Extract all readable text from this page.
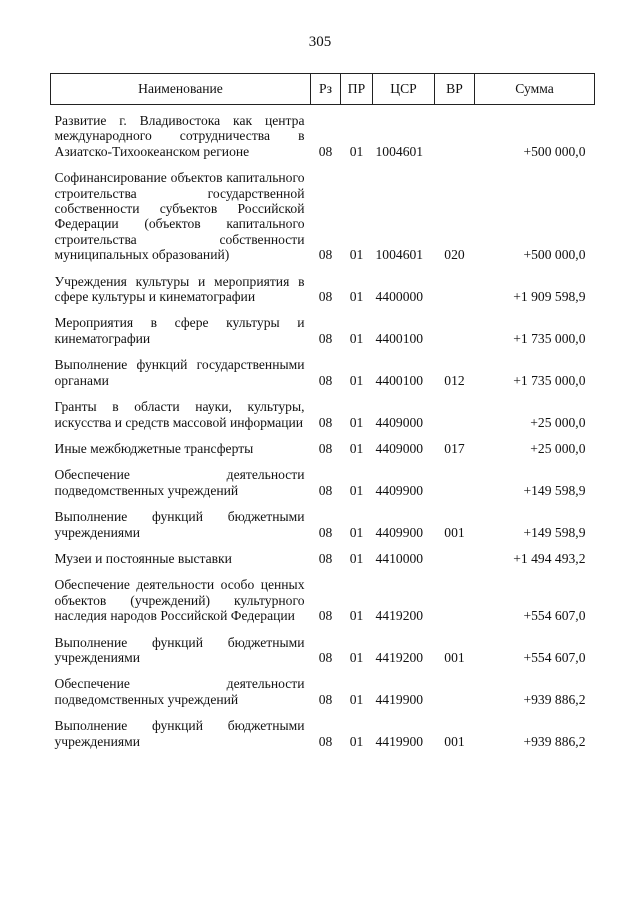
305
Наименование	Рз	ПР	ЦСР	ВР	Сумма
Развитие г. Владивостока как центра международного сотрудничества в Азиатско-Тихоокеанском регионе	08	01	1004601		+500 000,0

Софинансирование объектов капитального строительства государственной собственности субъектов Российской Федерации (объектов капитального строительства собственности муниципальных образований)	08	01	1004601	020	+500 000,0

Учреждения культуры и мероприятия в сфере культуры и кинематографии	08	01	4400000		+1 909 598,9

Мероприятия в сфере культуры и кинематографии	08	01	4400100		+1 735 000,0

Выполнение функций государственными органами	08	01	4400100	012	+1 735 000,0

Гранты в области науки, культуры, искусства и средств массовой информации	08	01	4409000		+25 000,0

Иные межбюджетные трансферты	08	01	4409000	017	+25 000,0

Обеспечение деятельности подведомственных учреждений	08	01	4409900		+149 598,9

Выполнение функций бюджетными учреждениями	08	01	4409900	001	+149 598,9

Музеи и постоянные выставки	08	01	4410000		+1 494 493,2

Обеспечение деятельности особо ценных объектов (учреждений) культурного наследия народов Российской Федерации	08	01	4419200		+554 607,0

Выполнение функций бюджетными учреждениями	08	01	4419200	001	+554 607,0

Обеспечение деятельности подведомственных учреждений	08	01	4419900		+939 886,2

Выполнение функций бюджетными учреждениями	08	01	4419900	001	+939 886,2
